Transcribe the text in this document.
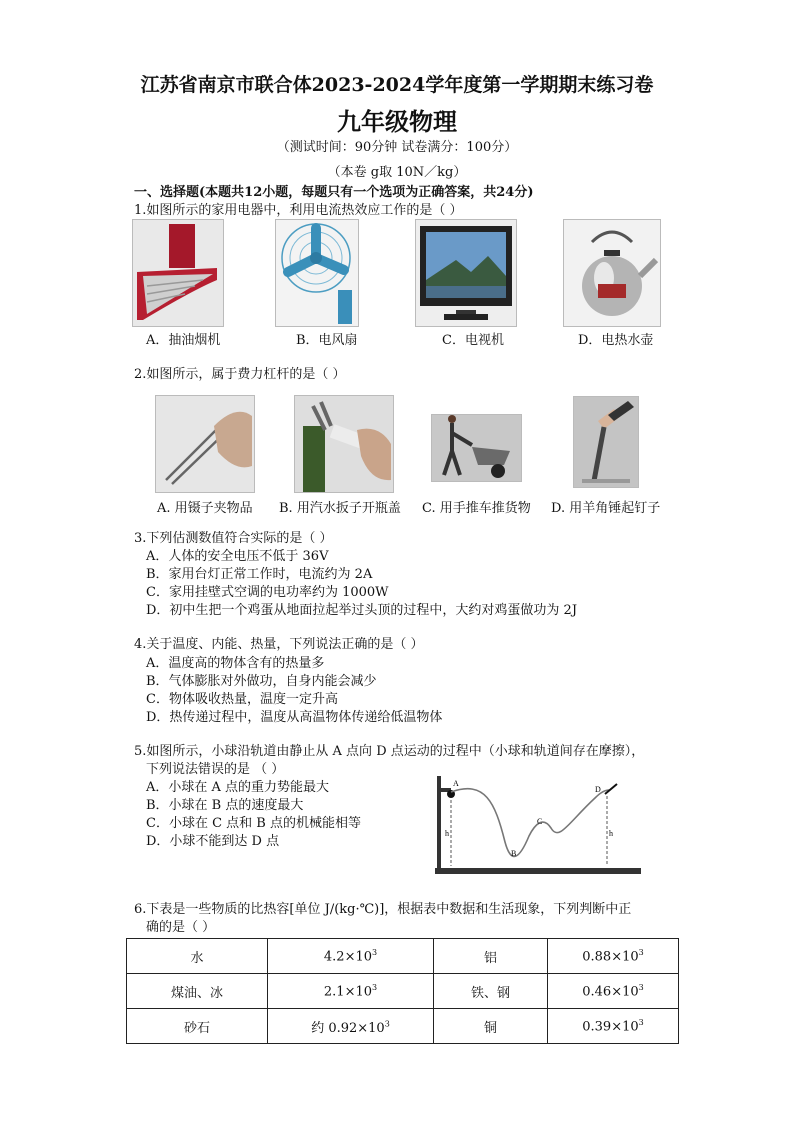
江苏省南京市联合体2023-2024学年度第一学期期末练习卷
九年级物理
（测试时间：90分钟 试卷满分：100分）
（本卷 g取 10N／kg）
一、选择题(本题共12小题，每题只有一个选项为正确答案，共24分)
1.如图所示的家用电器中，利用电流热效应工作的是（ ）
A．抽油烟机	B．电风扇	C．电视机	D．电热水壶
2.如图所示，属于费力杠杆的是（ ）
A. 用镊子夹物品 B. 用汽水扳子开瓶盖 C. 用手推车推货物 D. 用羊角锤起钉子
3.下列估测数值符合实际的是（ ）
A．人体的安全电压不低于 36V
B．家用台灯正常工作时，电流约为 2A
C．家用挂壁式空调的电功率约为 1000W
D．初中生把一个鸡蛋从地面拉起举过头顶的过程中，大约对鸡蛋做功为 2J
4.关于温度、内能、热量，下列说法正确的是（ ）
A．温度高的物体含有的热量多
B．气体膨胀对外做功，自身内能会减少
C．物体吸收热量，温度一定升高
D．热传递过程中，温度从高温物体传递给低温物体
5.如图所示，小球沿轨道由静止从 A 点向 D 点运动的过程中（小球和轨道间存在摩擦），
下列说法错误的是 （ ）
A．小球在 A 点的重力势能最大
B．小球在 B 点的速度最大
C．小球在 C 点和 B 点的机械能相等
D．小球不能到达 D 点
A
B
C
D
h	h
6.下表是一些物质的比热容[单位 J/(kg·℃)]，根据表中数据和生活现象，下列判断中正
确的是（ ）
水	$4.2\times 10^3$	铝	$0.88\times 10^3$
煤油、冰	$2.1\times 10^3$	铁、钢	$0.46\times 10^3$
砂石	约 $0.92\times 10^3$	铜	$0.39\times 10^3$
